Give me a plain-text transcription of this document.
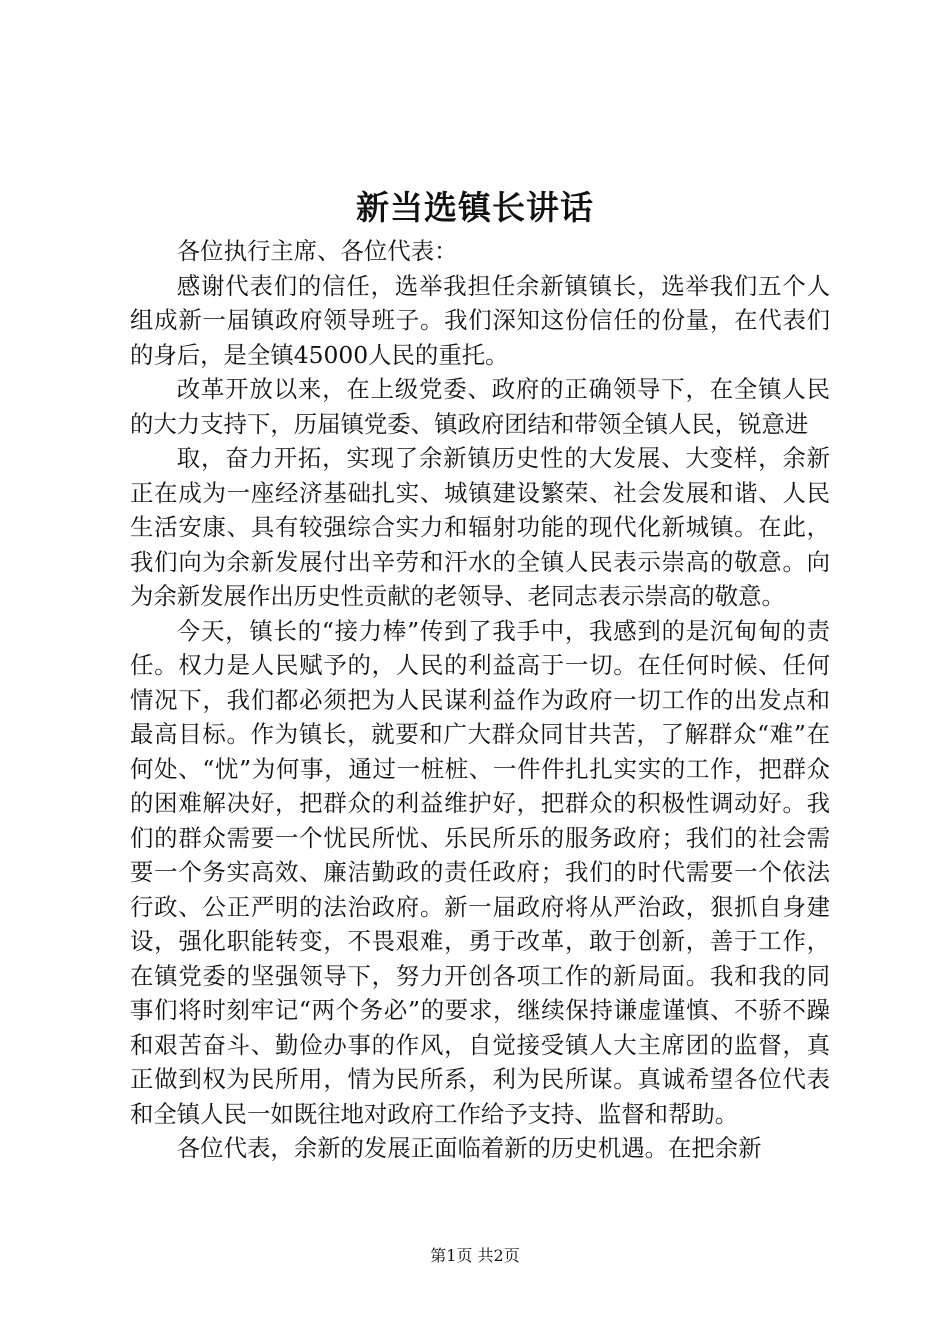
新当选镇长讲话

各位执行主席、各位代表：

感谢代表们的信任，选举我担任余新镇镇长，选举我们五个人组成新一届镇政府领导班子。我们深知这份信任的份量，在代表们的身后，是全镇45000人民的重托。

改革开放以来，在上级党委、政府的正确领导下，在全镇人民的大力支持下，历届镇党委、镇政府团结和带领全镇人民，锐意进

取，奋力开拓，实现了余新镇历史性的大发展、大变样，余新正在成为一座经济基础扎实、城镇建设繁荣、社会发展和谐、人民生活安康、具有较强综合实力和辐射功能的现代化新城镇。在此，我们向为余新发展付出辛劳和汗水的全镇人民表示崇高的敬意。向为余新发展作出历史性贡献的老领导、老同志表示崇高的敬意。

今天，镇长的“接力棒”传到了我手中，我感到的是沉甸甸的责任。权力是人民赋予的，人民的利益高于一切。在任何时候、任何情况下，我们都必须把为人民谋利益作为政府一切工作的出发点和最高目标。作为镇长，就要和广大群众同甘共苦，了解群众“难”在何处、“忧”为何事，通过一桩桩、一件件扎扎实实的工作，把群众的困难解决好，把群众的利益维护好，把群众的积极性调动好。我们的群众需要一个忧民所忧、乐民所乐的服务政府；我们的社会需要一个务实高效、廉洁勤政的责任政府；我们的时代需要一个依法行政、公正严明的法治政府。新一届政府将从严治政，狠抓自身建设，强化职能转变，不畏艰难，勇于改革，敢于创新，善于工作，在镇党委的坚强领导下，努力开创各项工作的新局面。我和我的同事们将时刻牢记“两个务必”的要求，继续保持谦虚谨慎、不骄不躁和艰苦奋斗、勤俭办事的作风，自觉接受镇人大主席团的监督，真正做到权为民所用，情为民所系，利为民所谋。真诚希望各位代表和全镇人民一如既往地对政府工作给予支持、监督和帮助。

各位代表，余新的发展正面临着新的历史机遇。在把余新

第1页 共2页
